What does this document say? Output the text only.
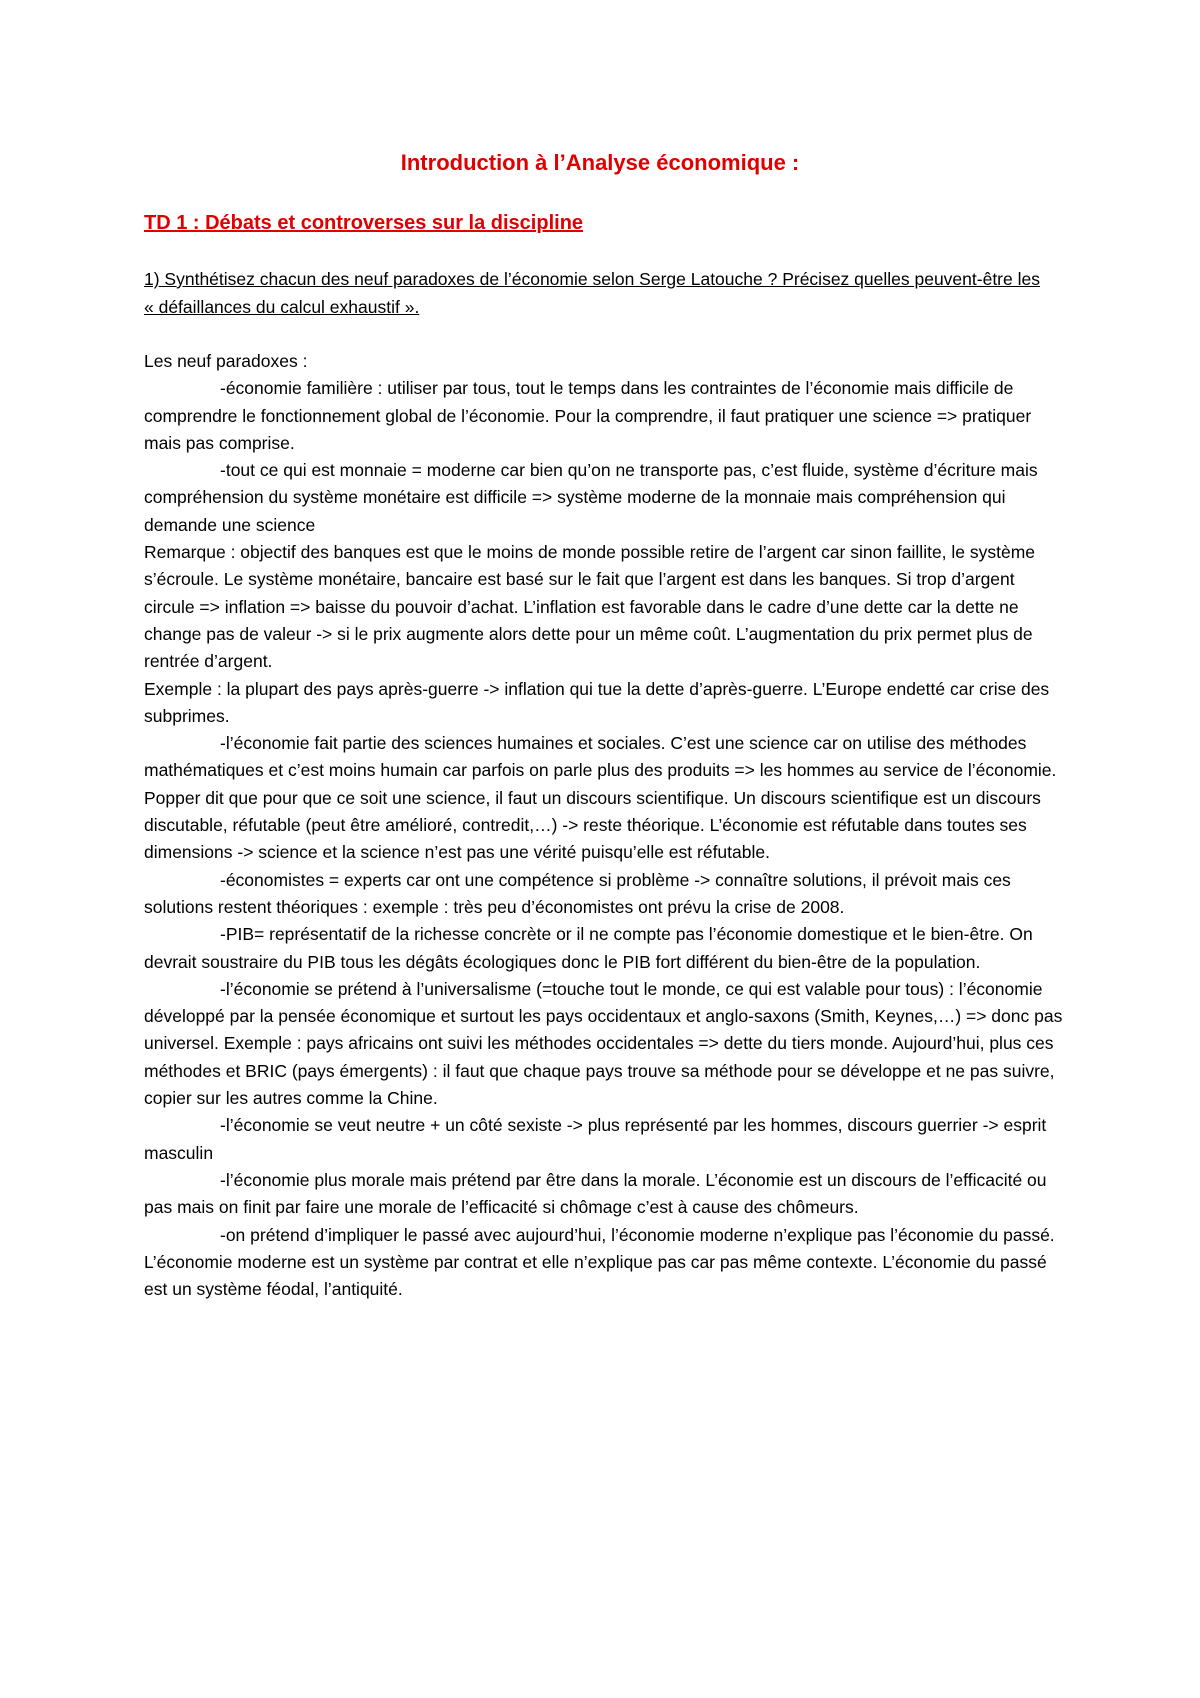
Introduction à l’Analyse économique :
TD 1 : Débats et controverses sur la discipline
1) Synthétisez chacun des neuf paradoxes de l’économie selon Serge Latouche ? Précisez quelles peuvent-être les « défaillances du calcul exhaustif ».

Les neuf paradoxes :

-économie familière : utiliser par tous, tout le temps dans les contraintes de l’économie mais difficile de comprendre le fonctionnement global de l’économie. Pour la comprendre, il faut pratiquer une science => pratiquer mais pas comprise.

-tout ce qui est monnaie = moderne car bien qu’on ne transporte pas, c’est fluide, système d’écriture mais compréhension du système monétaire est difficile => système moderne de la monnaie mais compréhension qui demande une science

Remarque : objectif des banques est que le moins de monde possible retire de l’argent car sinon faillite, le système s’écroule. Le système monétaire, bancaire est basé sur le fait que l’argent est dans les banques. Si trop d’argent circule => inflation => baisse du pouvoir d’achat. L’inflation est favorable dans le cadre d’une dette car la dette ne change pas de valeur -> si le prix augmente alors dette pour un même coût. L’augmentation du prix permet plus de rentrée d’argent.

Exemple : la plupart des pays après-guerre -> inflation qui tue la dette d’après-guerre. L’Europe endetté car crise des subprimes.

-l’économie fait partie des sciences humaines et sociales. C’est une science car on utilise des méthodes mathématiques et c’est moins humain car parfois on parle plus des produits => les hommes au service de l’économie. Popper dit que pour que ce soit une science, il faut un discours scientifique. Un discours scientifique est un discours discutable, réfutable (peut être amélioré, contredit,…) -> reste théorique. L’économie est réfutable dans toutes ses dimensions -> science et la science n’est pas une vérité puisqu’elle est réfutable.

-économistes = experts car ont une compétence si problème -> connaître solutions, il prévoit mais ces solutions restent théoriques : exemple : très peu d’économistes ont prévu la crise de 2008.

-PIB= représentatif de la richesse concrète or il ne compte pas l’économie domestique et le bien-être. On devrait soustraire du PIB tous les dégâts écologiques donc le PIB fort différent du bien-être de la population.

-l’économie se prétend à l’universalisme (=touche tout le monde, ce qui est valable pour tous) : l’économie développé par la pensée économique et surtout les pays occidentaux et anglo-saxons (Smith, Keynes,…) => donc pas universel. Exemple : pays africains ont suivi les méthodes occidentales => dette du tiers monde. Aujourd’hui, plus ces méthodes et BRIC (pays émergents) : il faut que chaque pays trouve sa méthode pour se développe et ne pas suivre, copier sur les autres comme la Chine.

-l’économie se veut neutre + un côté sexiste -> plus représenté par les hommes, discours guerrier -> esprit masculin

-l’économie plus morale mais prétend par être dans la morale. L’économie est un discours de l’efficacité ou pas mais on finit par faire une morale de l’efficacité si chômage c’est à cause des chômeurs.

-on prétend d’impliquer le passé avec aujourd’hui, l’économie moderne n’explique pas l’économie du passé. L’économie moderne est un système par contrat et elle n’explique pas car pas même contexte. L’économie du passé est un système féodal, l’antiquité.
